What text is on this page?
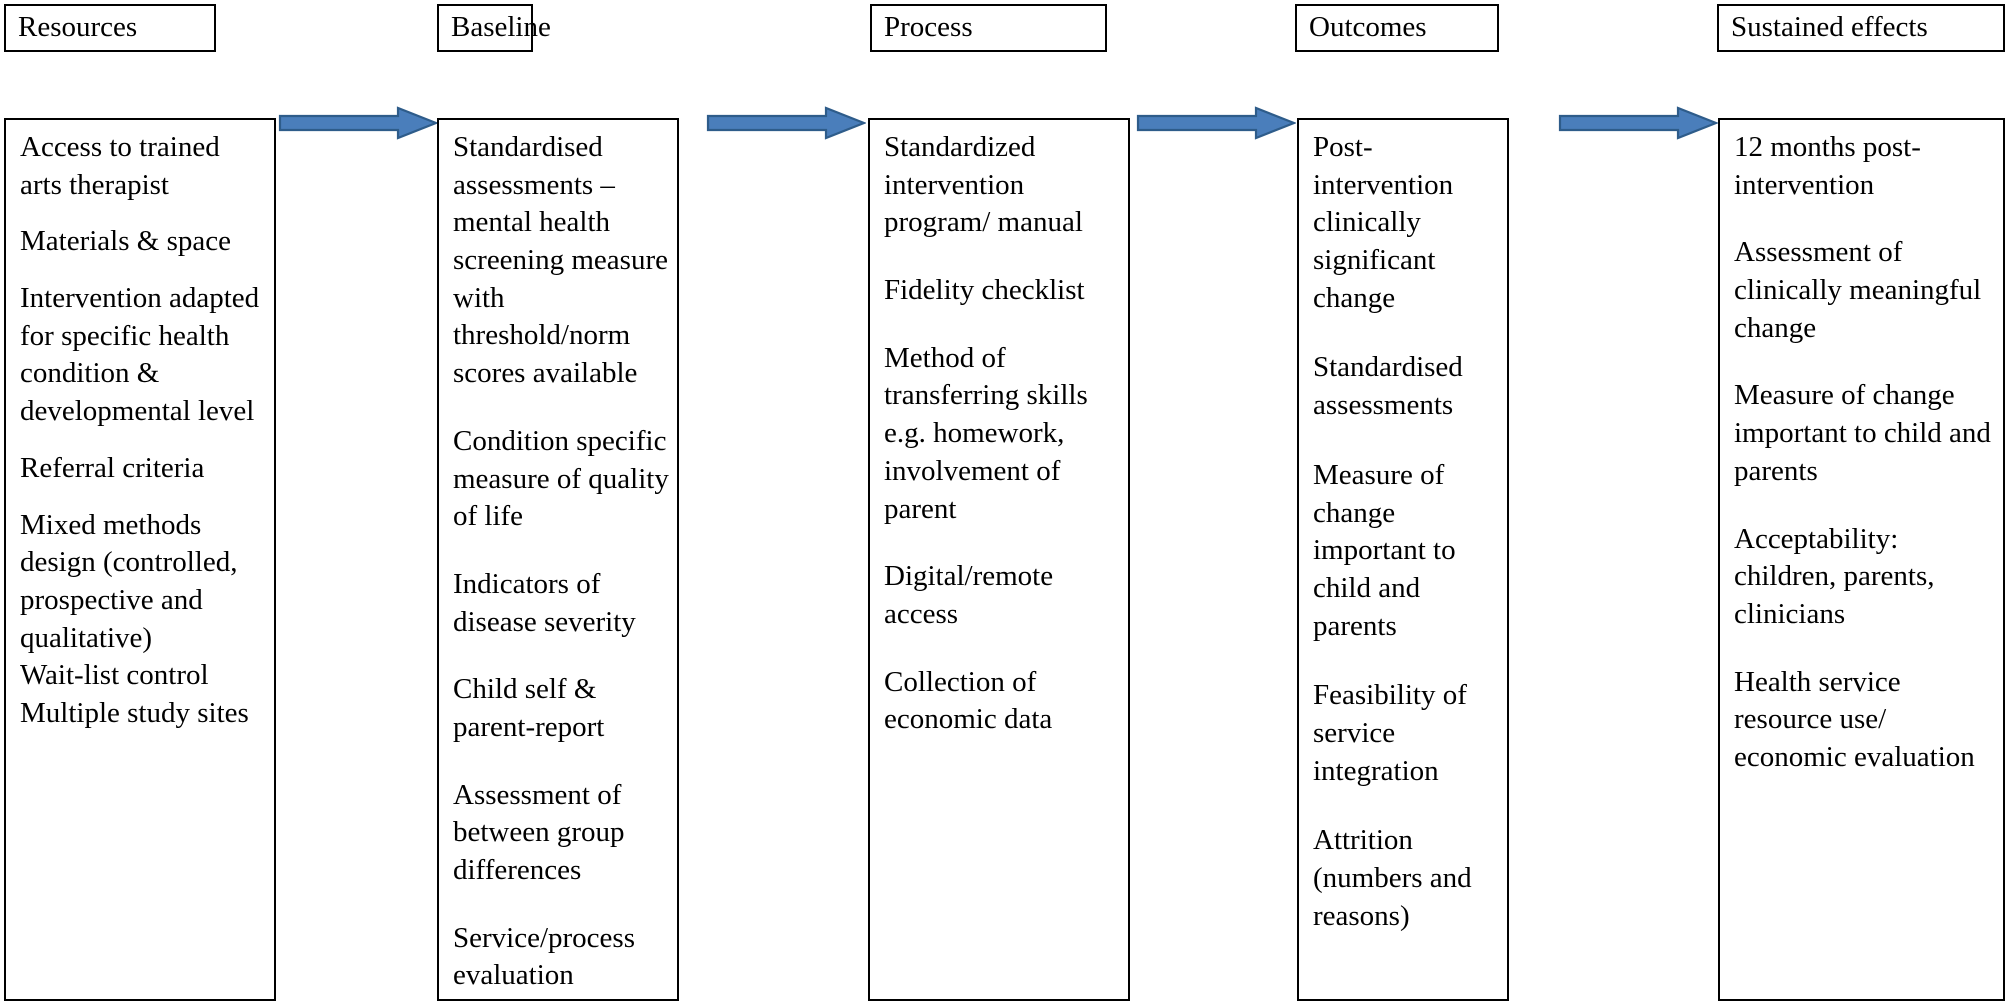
Resources	Baseline	Process	Outcomes	Sustained effects

Access to trained arts therapist

Materials & space

Intervention adapted for specific health condition & developmental level

Referral criteria

Mixed methods design (controlled, prospective and qualitative)

Wait-list control

Multiple study sites

Standardised assessments – mental health screening measure with threshold/norm scores available

Condition specific measure of quality of life

Indicators of disease severity

Child self & parent-report

Assessment of between group differences

Service/process evaluation

Standardized intervention program/ manual

Fidelity checklist

Method of transferring skills e.g. homework, involvement of parent

Digital/remote access

Collection of economic data

Post-intervention clinically significant change

Standardised assessments

Measure of change important to child and parents

Feasibility of service integration

Attrition (numbers and reasons)

12 months post-intervention

Assessment of clinically meaningful change

Measure of change important to child and parents

Acceptability: children, parents, clinicians

Health service resource use/ economic evaluation
